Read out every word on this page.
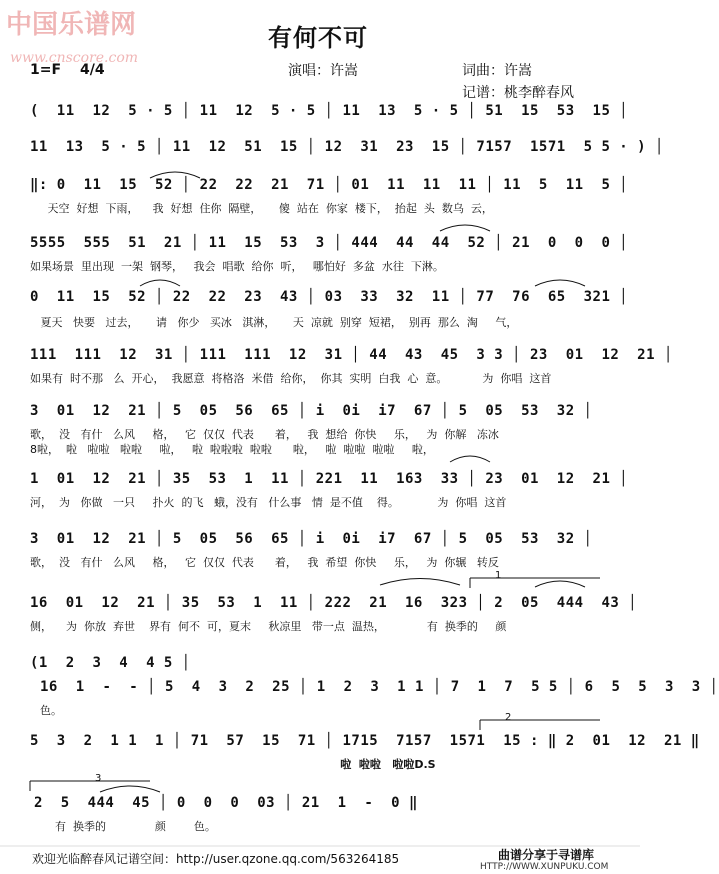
中国乐谱网
www.cnscore.com
有何不可
1=F 4/4	演唱：许嵩	词曲：许嵩
记谱：桃李醉春风
(  11  12  5 · 5 │ 11  12  5 · 5 │ 11  13  5 · 5 │ 51  15  53  15 │
11  13  5 · 5 │ 11  12  51  15 │ 12  31  23  15 │ 7157  1571  5 5 · ) │
‖: 0  11  15  52 │ 22  22  21  71 │ 01  11  11  11 │ 11  5  11  5 │
天空  好想  下雨，    我  好想  住你  隔壁，     傻  站在  你家  楼下，  抬起  头  数乌  云，
5555  555  51  21 │ 11  15  53  3 │ 444  44  44  52 │ 21  0  0  0 │
如果场景  里出现  一架  钢琴，   我会  唱歌  给你  听，   哪怕好  多盆  水往  下淋。
0  11  15  52 │ 22  22  23  43 │ 03  33  32  11 │ 77  76  65  321 │
夏天   快要   过去，     请   你少   买冰   淇淋，     天  凉就  别穿  短裙，  别再  那么  淘     气，
111  111  12  31 │ 111  111  12  31 │ 44  43  45  3 3 │ 23  01  12  21 │
如果有  时不那   么  开心，  我愿意  将格洛  米借  给你，  你其  实明  白我  心  意。          为  你唱  这首
3  01  12  21 │ 5  05  56  65 │ i  0i  i7  67 │ 5  05  53  32 │
歌，  没   有什   么风     格，   它  仅仅  代表      着，   我  想给  你快     乐，   为  你解   冻冰
8啦，  啦   啦啦   啦啦     啦，   啦  啦啦啦  啦啦      啦，   啦  啦啦  啦啦     啦，
1  01  12  21 │ 35  53  1  11 │ 221  11  163  33 │ 23  01  12  21 │
河，  为   你做   一只     扑火  的飞   蛾，没有   什么事   情  是不值    得。           为  你唱  这首
3  01  12  21 │ 5  05  56  65 │ i  0i  i7  67 │ 5  05  53  32 │
歌，  没   有什   么风     格，   它  仅仅  代表      着，   我  希望  你快     乐，   为  你辗   转反
16  01  12  21 │ 35  53  1  11 │ 222  21  16  323 │ 2  05  444  43 │
侧，    为  你放  弃世    界有  何不  可，夏末     秋凉里   带一点  温热，            有  换季的     颜
(1  2  3  4  4 5 │
16  1  -  - │ 5  4  3  2  25 │ 1  2  3  1 1 │ 7  1  7  5 5 │ 6  5  5  3  3 │
色。
5  3  2  1 1  1 │ 71  57  15  71 │ 1715  7157  1571  15 : ‖ 2  01  12  21 ‖
啦  啦啦   啦啦D.S
2  5  444  45 │ 0  0  0  03 │ 21  1  -  0 ‖
有  换季的              颜        色。
1
2
3
欢迎光临醉春风记谱空间：http://user.qzone.qq.com/563264185	曲谱分享于寻谱库
HTTP://WWW.XUNPUKU.COM
